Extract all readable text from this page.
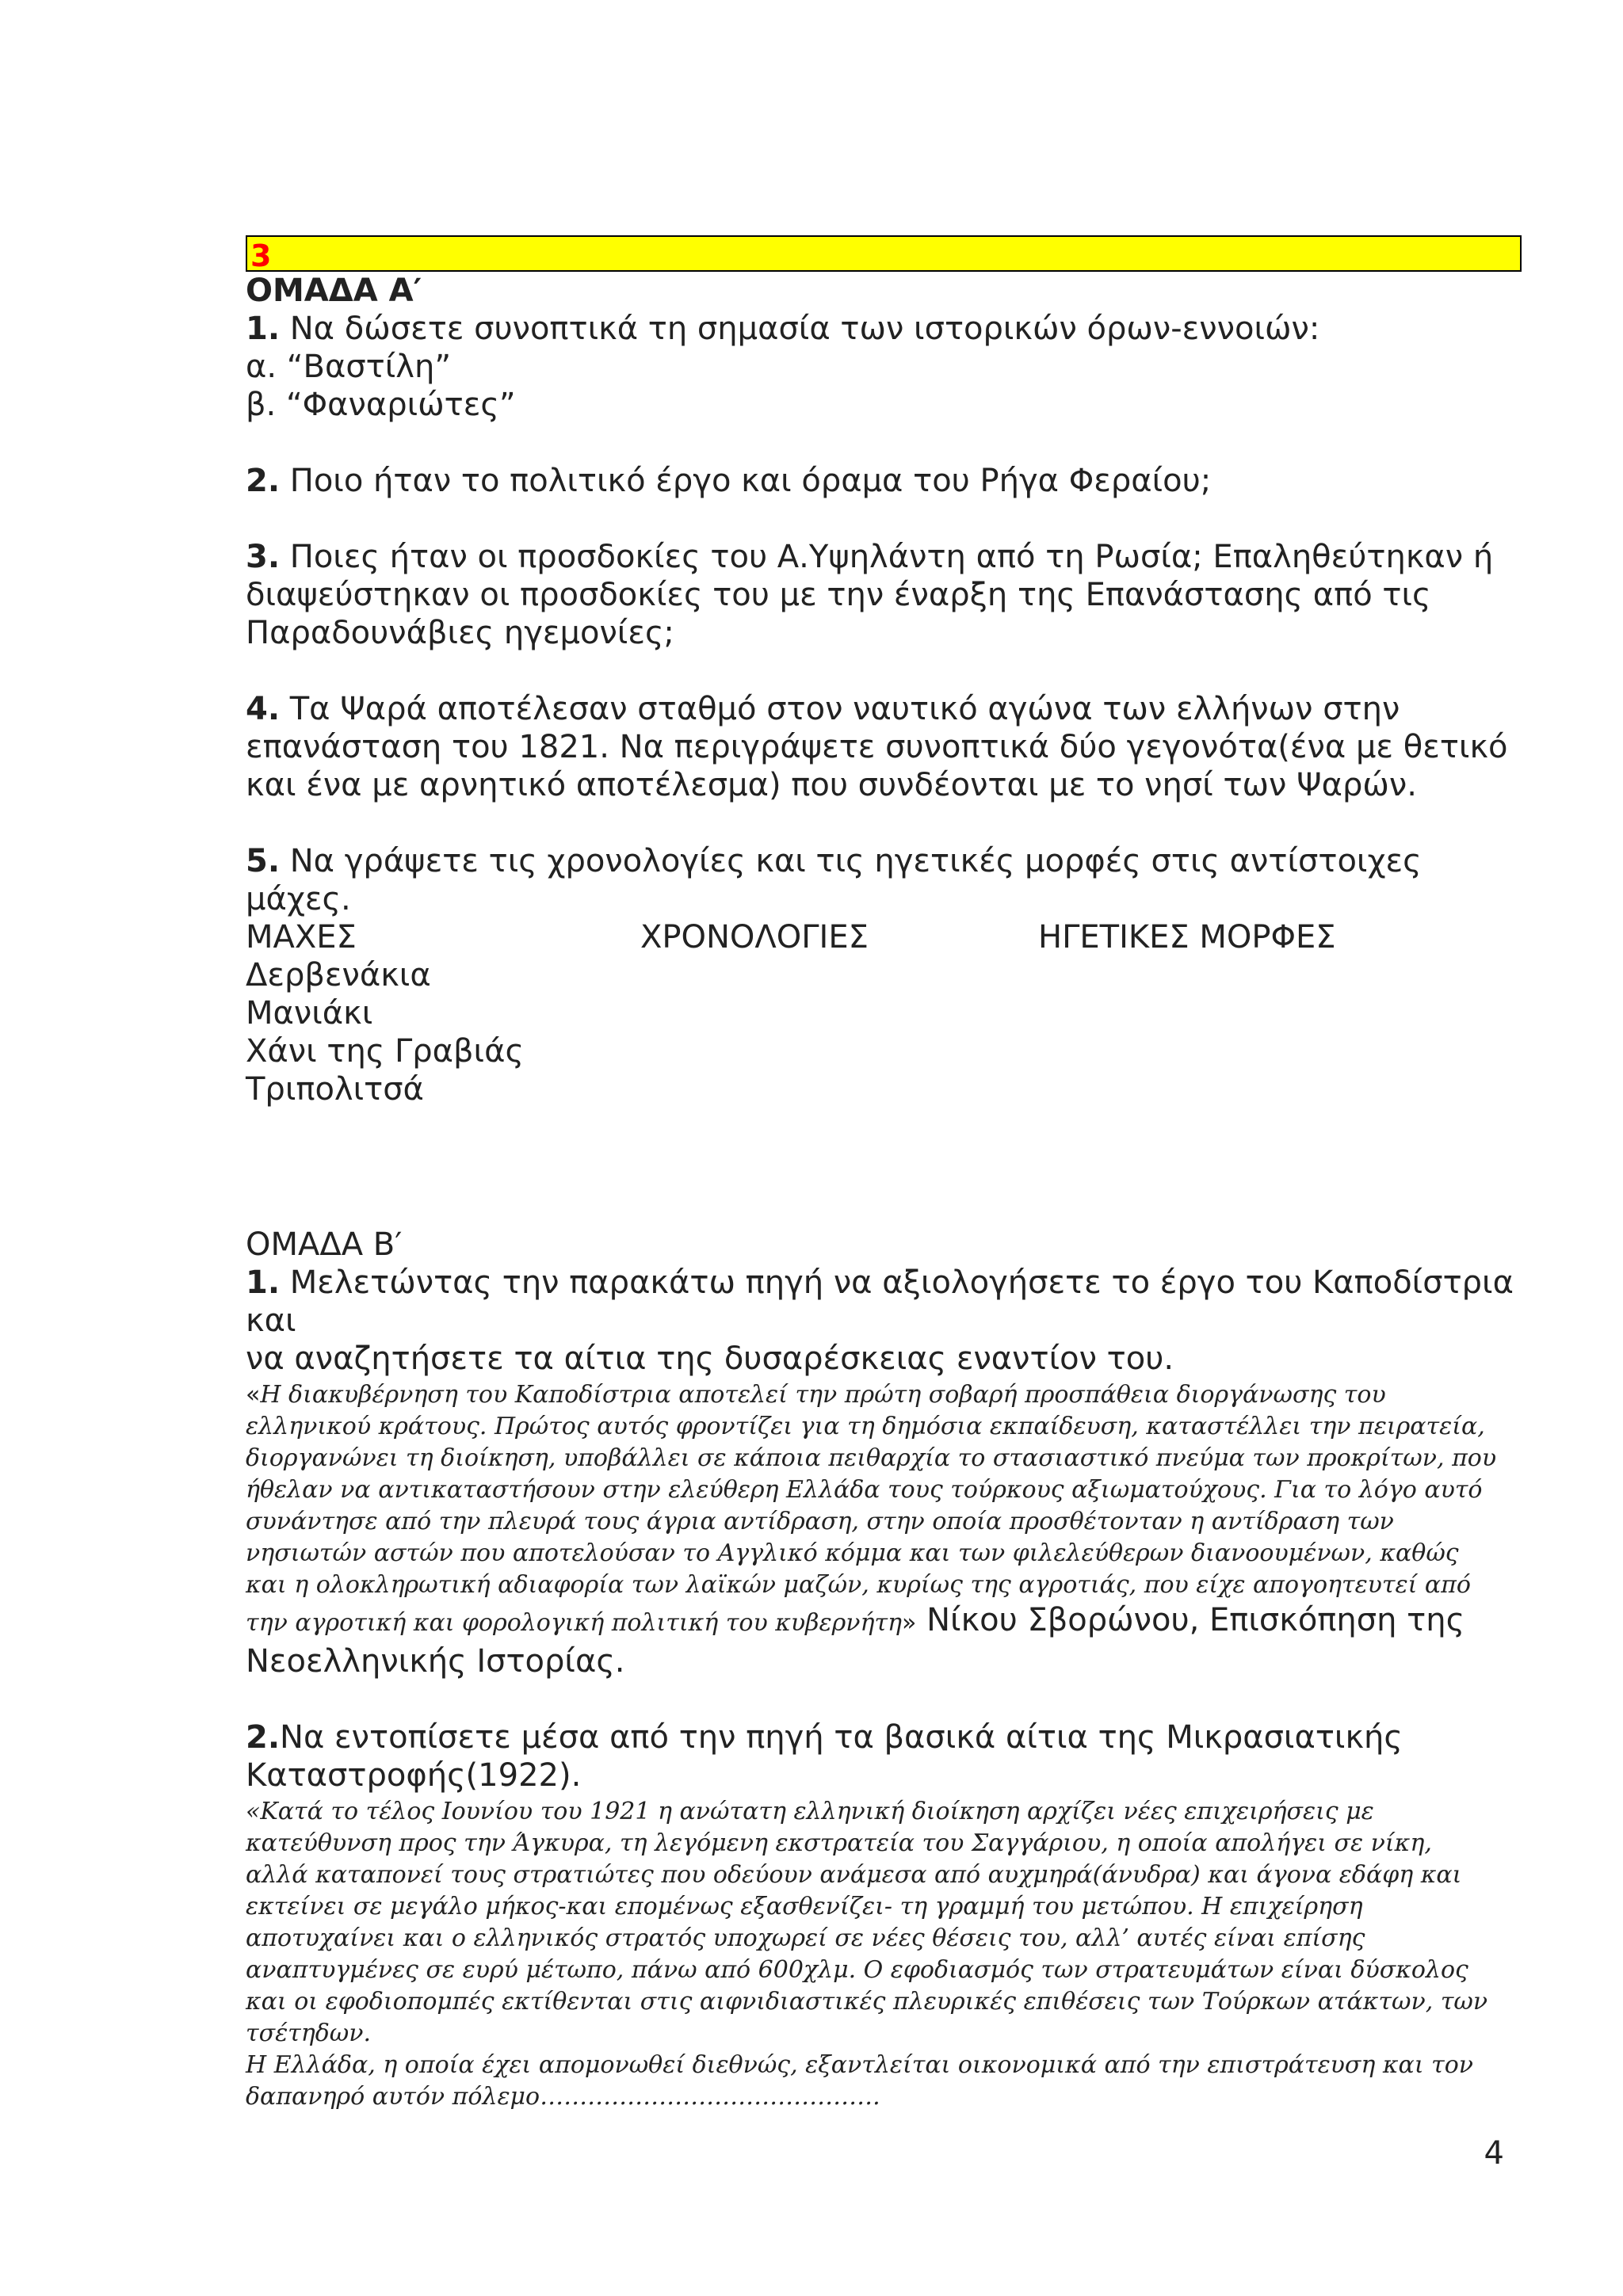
3
ΟΜΑΔΑ Α′
1. Να δώσετε συνοπτικά τη σημασία των ιστορικών όρων-εννοιών:
α. “Βαστίλη”
β. “Φαναριώτες”
2. Ποιο ήταν το πολιτικό έργο και όραμα του Ρήγα Φεραίου;
3. Ποιες ήταν οι προσδοκίες του Α.Υψηλάντη από τη Ρωσία; Επαληθεύτηκαν ή
διαψεύστηκαν οι προσδοκίες του με την έναρξη της Επανάστασης από τις
Παραδουνάβιες ηγεμονίες;
4. Τα Ψαρά αποτέλεσαν σταθμό στον ναυτικό αγώνα των ελλήνων στην
επανάσταση του 1821. Να περιγράψετε συνοπτικά δύο γεγονότα(ένα με θετικό
και ένα με αρνητικό αποτέλεσμα) που συνδέονται με το νησί των Ψαρών.
5. Να γράψετε τις χρονολογίες και τις ηγετικές μορφές στις αντίστοιχες μάχες.
ΜΑΧΕΣ	ΧΡΟΝΟΛΟΓΙΕΣ	ΗΓΕΤΙΚΕΣ ΜΟΡΦΕΣ
Δερβενάκια
Μανιάκι
Χάνι της Γραβιάς
Τριπολιτσά
ΟΜΑΔΑ Β′
1. Μελετώντας την παρακάτω πηγή να αξιολογήσετε το έργο του Καποδίστρια και
να αναζητήσετε τα αίτια της δυσαρέσκειας εναντίον του.
«Η διακυβέρνηση του Καποδίστρια αποτελεί την πρώτη σοβαρή προσπάθεια διοργάνωσης του
ελληνικού κράτους. Πρώτος αυτός φροντίζει για τη δημόσια εκπαίδευση, καταστέλλει την πειρατεία,
διοργανώνει τη διοίκηση, υποβάλλει σε κάποια πειθαρχία το στασιαστικό πνεύμα των προκρίτων, που
ήθελαν να αντικαταστήσουν στην ελεύθερη Ελλάδα τους τούρκους αξιωματούχους. Για το λόγο αυτό
συνάντησε από την πλευρά τους άγρια αντίδραση, στην οποία προσθέτονταν η αντίδραση των
νησιωτών αστών που αποτελούσαν το Αγγλικό κόμμα και των φιλελεύθερων διανοουμένων, καθώς
και η ολοκληρωτική αδιαφορία των λαϊκών μαζών, κυρίως της αγροτιάς, που είχε απογοητευτεί από
την αγροτική και φορολογική πολιτική του κυβερνήτη» Νίκου Σβορώνου, Επισκόπηση της
Νεοελληνικής Ιστορίας.
2.Να εντοπίσετε μέσα από την πηγή τα βασικά αίτια της Μικρασιατικής
Καταστροφής(1922).
«Κατά το τέλος Ιουνίου του 1921 η ανώτατη ελληνική διοίκηση αρχίζει νέες επιχειρήσεις με
κατεύθυνση προς την Άγκυρα, τη λεγόμενη εκστρατεία του Σαγγάριου, η οποία απολήγει σε νίκη,
αλλά καταπονεί τους στρατιώτες που οδεύουν ανάμεσα από αυχμηρά(άνυδρα) και άγονα εδάφη και
εκτείνει σε μεγάλο μήκος-και επομένως εξασθενίζει- τη γραμμή του μετώπου. Η επιχείρηση
αποτυχαίνει και ο ελληνικός στρατός υποχωρεί σε νέες θέσεις του, αλλ’ αυτές είναι επίσης
αναπτυγμένες σε ευρύ μέτωπο, πάνω από 600χλμ. Ο εφοδιασμός των στρατευμάτων είναι δύσκολος
και οι εφοδιοπομπές εκτίθενται στις αιφνιδιαστικές πλευρικές επιθέσεις των Τούρκων ατάκτων, των
τσέτηδων.
Η Ελλάδα, η οποία έχει απομονωθεί διεθνώς, εξαντλείται οικονομικά από την επιστράτευση και τον
δαπανηρό αυτόν πόλεμο…………………………………….
4
